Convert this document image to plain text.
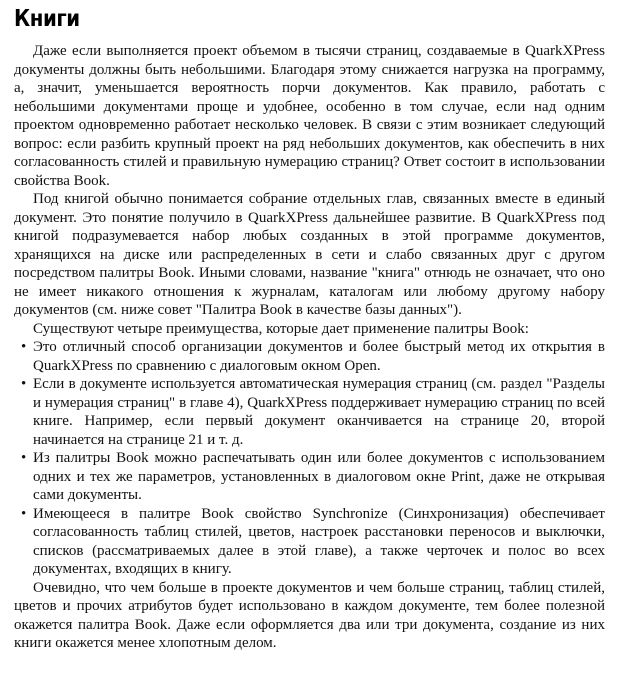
Книги

Даже если выполняется проект объемом в тысячи страниц, создаваемые в QuarkXPress документы должны быть небольшими. Благодаря этому снижается нагрузка на программу, а, значит, уменьшается вероятность порчи документов. Как правило, работать с небольшими документами проще и удобнее, особенно в том случае, если над одним проектом одновременно работает несколько человек. В связи с этим возникает следующий вопрос: если разбить крупный проект на ряд небольших документов, как обеспечить в них согласованность стилей и правильную нумерацию страниц? Ответ состоит в использовании свойства Book.

Под книгой обычно понимается собрание отдельных глав, связанных вместе в единый документ. Это понятие получило в QuarkXPress дальнейшее развитие. В QuarkXPress под книгой подразумевается набор любых созданных в этой программе документов, хранящихся на диске или распределенных в сети и слабо связанных друг с другом посредством палитры Book. Иными словами, название "книга" отнюдь не означает, что оно не имеет никакого отношения к журналам, каталогам или любому другому набору документов (см. ниже совет "Палитра Book в качестве базы данных").

Существуют четыре преимущества, которые дает применение палитры Book:

• Это отличный способ организации документов и более быстрый метод их открытия в QuarkXPress по сравнению с диалоговым окном Open.
• Если в документе используется автоматическая нумерация страниц (см. раздел "Разделы и нумерация страниц" в главе 4), QuarkXPress поддерживает нумерацию страниц по всей книге. Например, если первый документ оканчивается на странице 20, второй начинается на странице 21 и т. д.
• Из палитры Book можно распечатывать один или более документов с использованием одних и тех же параметров, установленных в диалоговом окне Print, даже не открывая сами документы.
• Имеющееся в палитре Book свойство Synchronize (Синхронизация) обеспечивает согласованность таблиц стилей, цветов, настроек расстановки переносов и выключки, списков (рассматриваемых далее в этой главе), а также черточек и полос во всех документах, входящих в книгу.

Очевидно, что чем больше в проекте документов и чем больше страниц, таблиц стилей, цветов и прочих атрибутов будет использовано в каждом документе, тем более полезной окажется палитра Book. Даже если оформляется два или три документа, создание из них книги окажется менее хлопотным делом.
